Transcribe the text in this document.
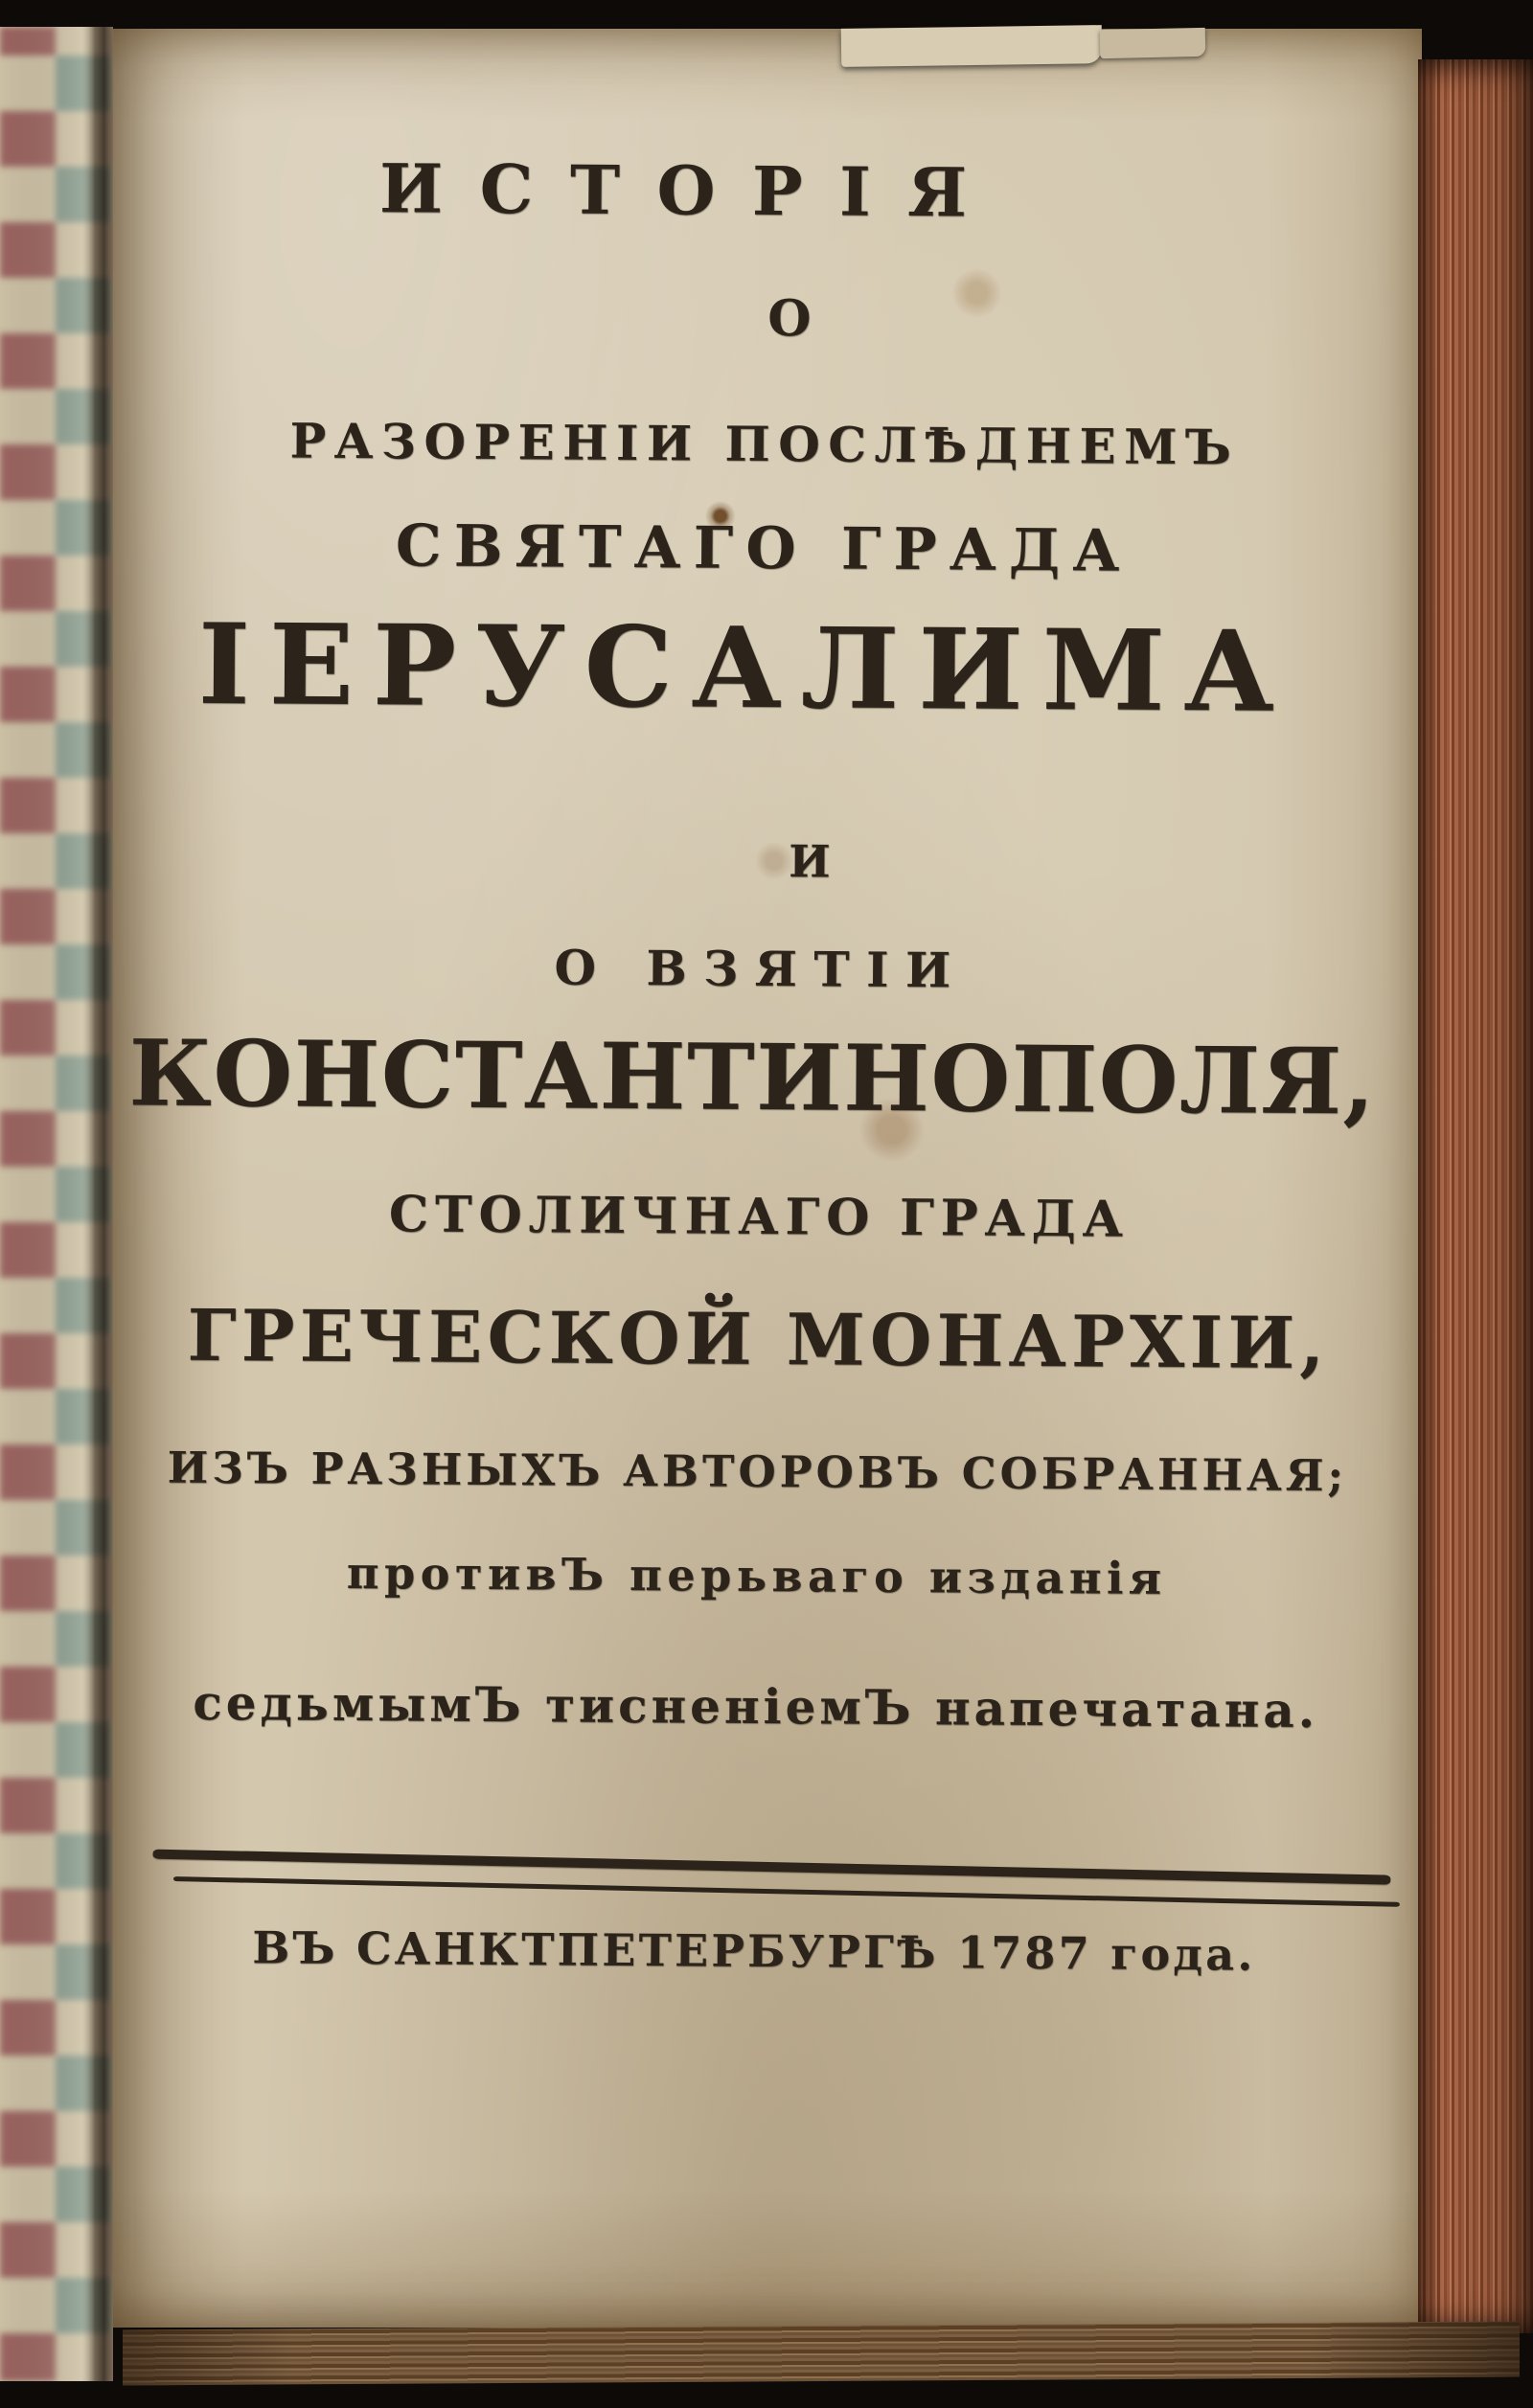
ИСТОРІЯ
О
РАЗОРЕНІИ ПОСЛѢДНЕМЪ
СВЯТАГО ГРАДА
ІЕРУСАЛИМА
И
О ВЗЯТІИ
КОНСТАНТИНОПОЛЯ,
СТОЛИЧНАГО ГРАДА
ГРЕЧЕСКОЙ МОНАРХІИ,
ИЗЪ РАЗНЫХЪ АВТОРОВЪ СОБРАННАЯ;
противЪ перьваго изданія
седьмымЪ тисненіемЪ напечатана.
ВЪ САНКТПЕТЕРБУРГѢ 1787 года.
